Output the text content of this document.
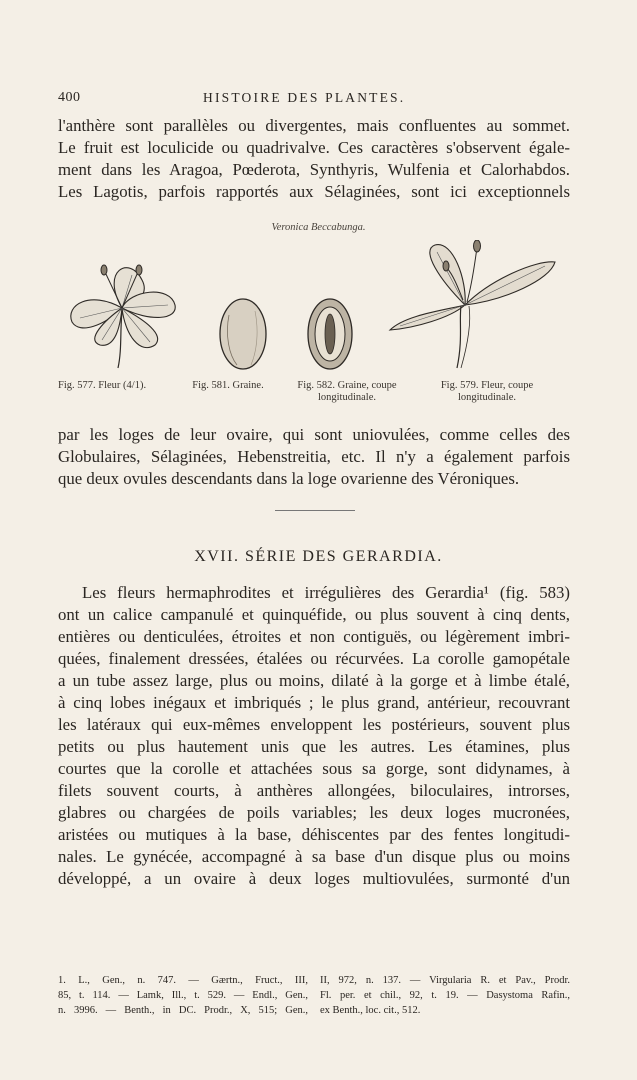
400	HISTOIRE DES PLANTES.
l'anthère sont parallèles ou divergentes, mais confluentes au sommet.
Le fruit est loculicide ou quadrivalve. Ces caractères s'observent égale-
ment dans les Aragoa, Pœderota, Synthyris, Wulfenia et Calorhabdos.
Les Lagotis, parfois rapportés aux Sélaginées, sont ici exceptionnels
Veronica Beccabunga.
Fig. 577. Fleur (4/1).	Fig. 581. Graine.	Fig. 582. Graine, coupe
longitudinale.
Fig. 579. Fleur, coupe
longitudinale.
par les loges de leur ovaire, qui sont uniovulées, comme celles des
Globulaires, Sélaginées, Hebenstreitia, etc. Il n'y a également parfois
que deux ovules descendants dans la loge ovarienne des Véroniques.
XVII. SÉRIE DES GERARDIA.
Les fleurs hermaphrodites et irrégulières des Gerardia¹ (fig. 583)
ont un calice campanulé et quinquéfide, ou plus souvent à cinq dents,
entières ou denticulées, étroites et non contiguës, ou légèrement imbri-
quées, finalement dressées, étalées ou récurvées. La corolle gamopétale
a un tube assez large, plus ou moins, dilaté à la gorge et à limbe étalé,
à cinq lobes inégaux et imbriqués ; le plus grand, antérieur, recouvrant
les latéraux qui eux-mêmes enveloppent les postérieurs, souvent plus
petits ou plus hautement unis que les autres. Les étamines, plus
courtes que la corolle et attachées sous sa gorge, sont didynames, à
filets souvent courts, à anthères allongées, biloculaires, introrses,
glabres ou chargées de poils variables; les deux loges mucronées,
aristées ou mutiques à la base, déhiscentes par des fentes longitudi-
nales. Le gynécée, accompagné à sa base d'un disque plus ou moins
développé, a un ovaire à deux loges multiovulées, surmonté d'un
1. L., Gen., n. 747. — Gærtn., Fruct., III,
85, t. 114. — Lamk, Ill., t. 529. — Endl., Gen.,
n. 3996. — Benth., in DC. Prodr., X, 515; Gen.,
II, 972, n. 137. — Virgularia R. et Pav., Prodr.
Fl. per. et chil., 92, t. 19. — Dasystoma Rafin.,
ex Benth., loc. cit., 512.
